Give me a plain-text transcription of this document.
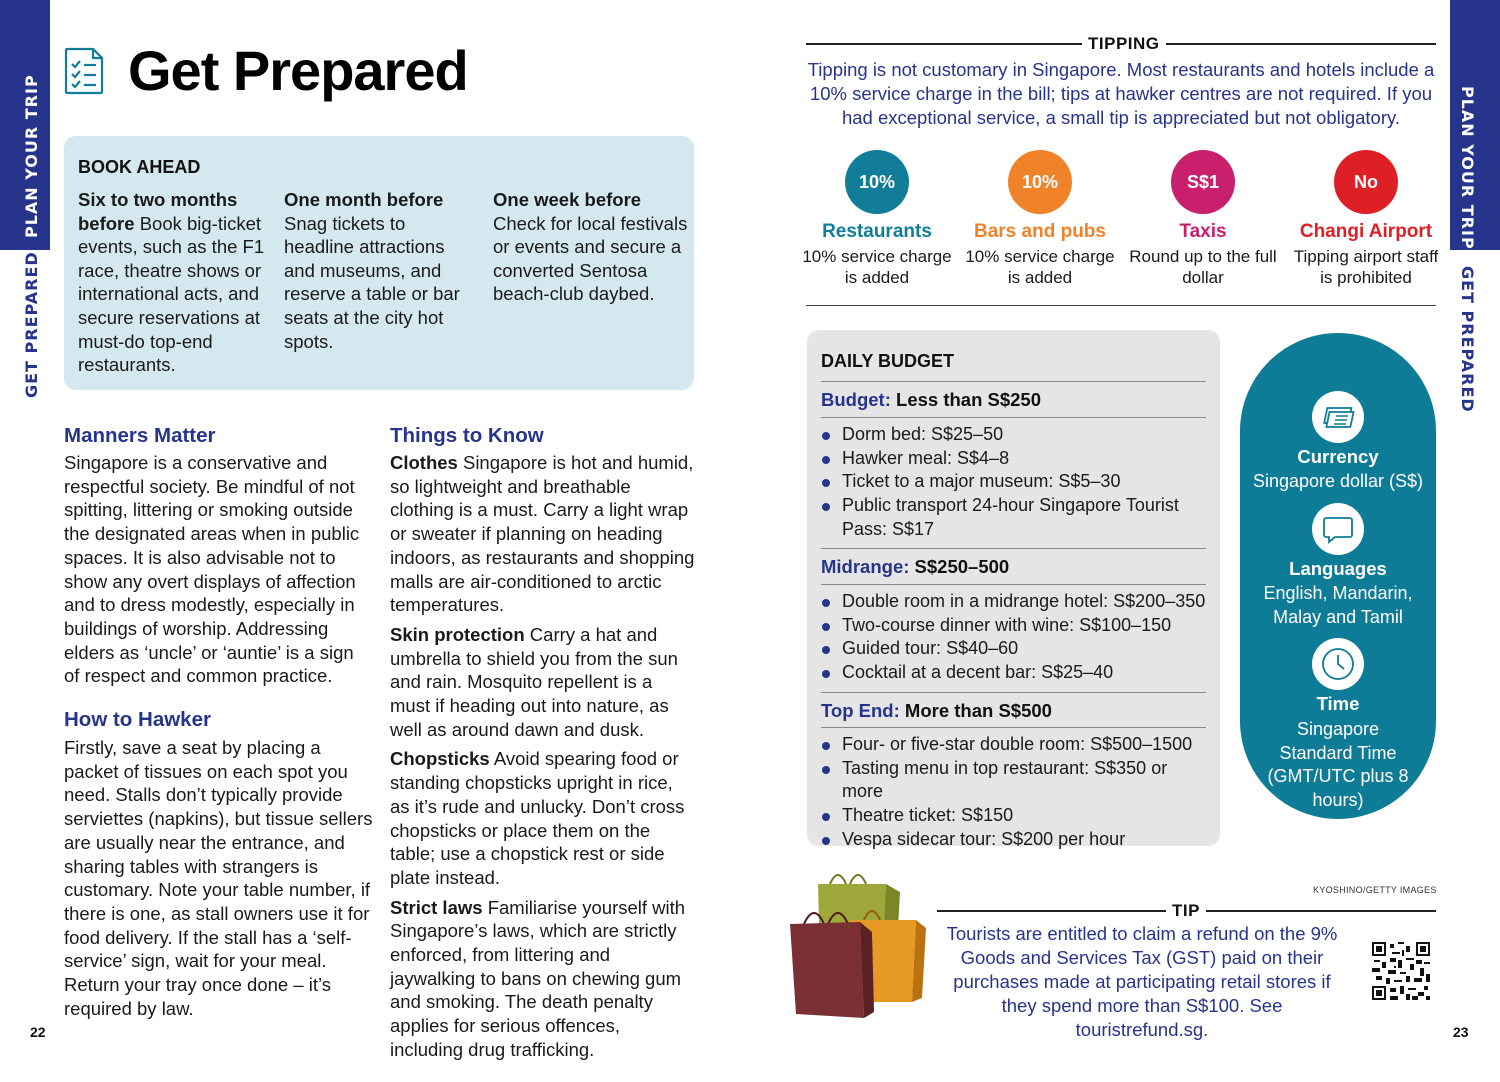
PLAN YOUR TRIP
GET PREPARED
PLAN YOUR TRIP
GET PREPARED
22	23
Get Prepared
BOOK AHEAD
Six to two months before Book big-ticket events, such as the F1 race, theatre shows or international acts, and secure reservations at must-do top-end restaurants.
One month before
Snag tickets to headline attractions and museums, and reserve a table or bar seats at the city hot spots.
One week before
Check for local festivals or events and secure a converted Sentosa beach-club daybed.
Manners Matter

Singapore is a conservative and respectful society. Be mindful of not spitting, littering or smoking outside the designated areas when in public spaces. It is also advisable not to show any overt displays of affection and to dress modestly, especially in buildings of worship. Addressing elders as ‘uncle’ or ‘auntie’ is a sign of respect and common practice.

How to Hawker

Firstly, save a seat by placing a packet of tissues on each spot you need. Stalls don’t typically provide serviettes (napkins), but tissue sellers are usually near the entrance, and sharing tables with strangers is customary. Note your table number, if there is one, as stall owners use it for food delivery. If the stall has a ‘self-service’ sign, wait for your meal. Return your tray once done – it’s required by law.

Things to Know

Clothes Singapore is hot and humid, so lightweight and breathable clothing is a must. Carry a light wrap or sweater if planning on heading indoors, as restaurants and shopping malls are air-conditioned to arctic temperatures.

Skin protection Carry a hat and umbrella to shield you from the sun and rain. Mosquito repellent is a must if heading out into nature, as well as around dawn and dusk.

Chopsticks Avoid spearing food or standing chopsticks upright in rice, as it’s rude and unlucky. Don’t cross chopsticks or place them on the table; use a chopstick rest or side plate instead.

Strict laws Familiarise yourself with Singapore’s laws, which are strictly enforced, from littering and jaywalking to bans on chewing gum and smoking. The death penalty applies for serious offences, including drug trafficking.

TIPPING

Tipping is not customary in Singapore. Most restaurants and hotels include a 10% service charge in the bill; tips at hawker centres are not required. If you had exceptional service, a small tip is appreciated but not obligatory.

10%
Restaurants
10% service charge is added
10%
Bars and pubs
10% service charge is added
S$1
Taxis
Round up to the full dollar
No
Changi Airport
Tipping airport staff is prohibited
DAILY BUDGET
Budget: Less than S$250
Dorm bed: S$25–50
Hawker meal: S$4–8
Ticket to a major museum: S$5–30
Public transport 24-hour Singapore Tourist Pass: S$17
Midrange: S$250–500
Double room in a midrange hotel: S$200–350
Two-course dinner with wine: S$100–150
Guided tour: S$40–60
Cocktail at a decent bar: S$25–40
Top End: More than S$500
Four- or five-star double room: S$500–1500
Tasting menu in top restaurant: S$350 or more
Theatre ticket: S$150
Vespa sidecar tour: S$200 per hour
Currency
Singapore dollar (S$)
Languages
English, Mandarin, Malay and Tamil
Time
Singapore Standard Time (GMT/UTC plus 8 hours)
KYOSHINO/GETTY IMAGES
TIP

Tourists are entitled to claim a refund on the 9% Goods and Services Tax (GST) paid on their purchases made at participating retail stores if they spend more than S$100. See touristrefund.sg.
